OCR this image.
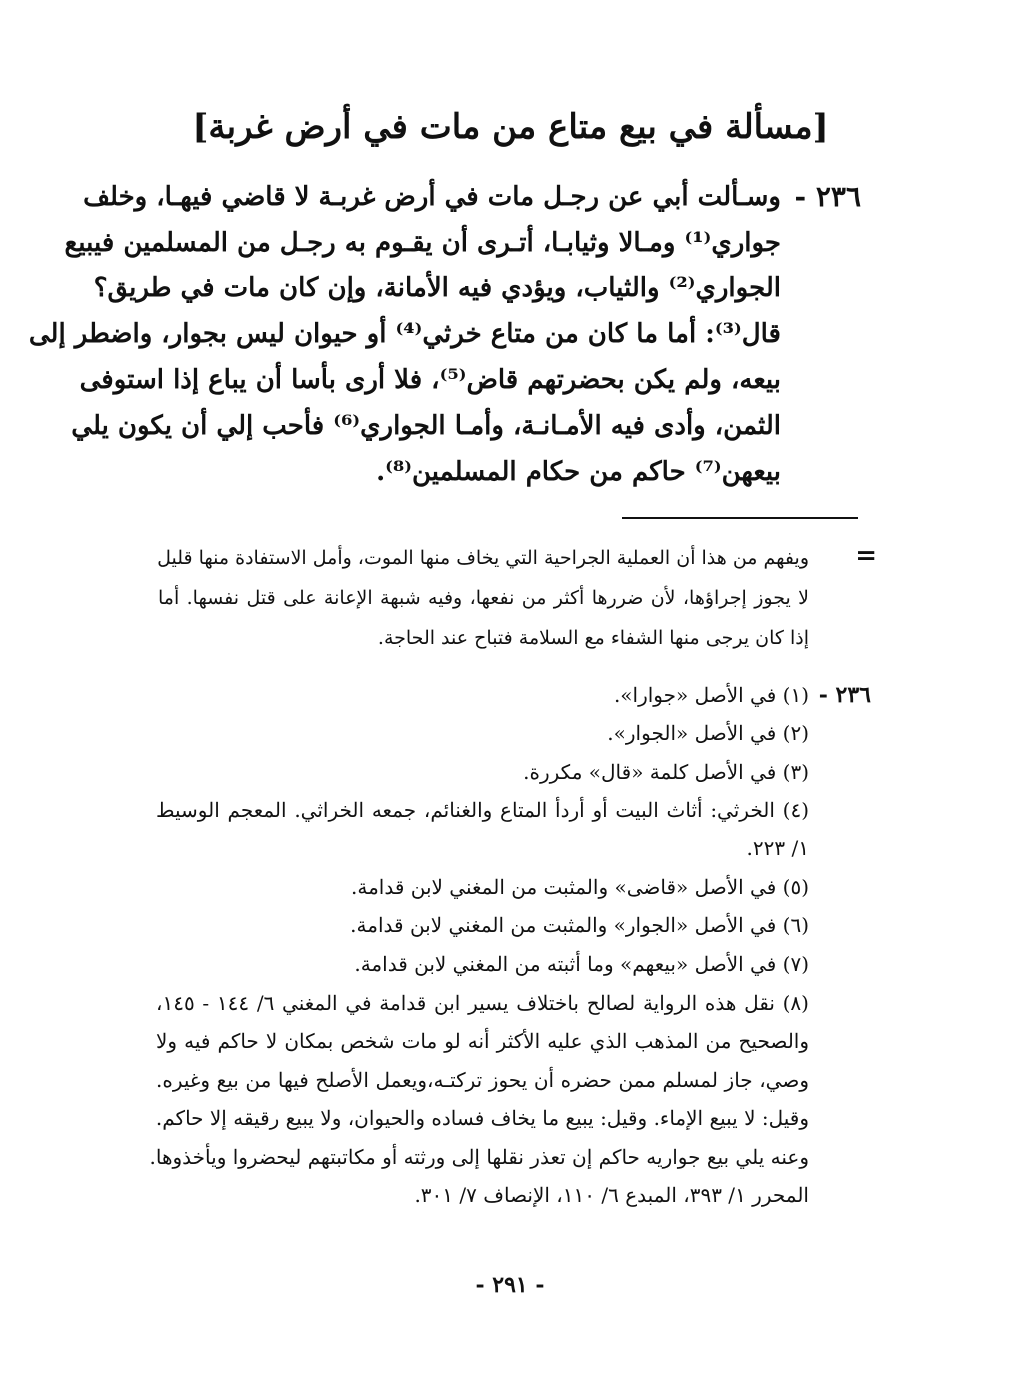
[مسألة في بيع متاع من مات في أرض غربة]
٢٣٦ -
وسـألت أبي عن رجـل مات في أرض غربـة لا قاضي فيهـا، وخلف
جواري⁽¹⁾ ومـالا وثيابـا، أتـرى أن يقـوم به رجـل من المسلمين فيبيع
الجواري⁽²⁾ والثياب، ويؤدي فيه الأمانة، وإن كان مات في طريق؟
قال⁽³⁾: أما ما كان من متاع خرثي⁽⁴⁾ أو حيوان ليس بجوار، واضطر إلى
بيعه، ولم يكن بحضرتهم قاض⁽⁵⁾، فلا أرى بأسا أن يباع إذا استوفى
الثمن، وأدى فيه الأمـانـة، وأمـا الجواري⁽⁶⁾ فأحب إلي أن يكون يلي
بيعهن⁽⁷⁾ حاكم من حكام المسلمين⁽⁸⁾.
=
ويفهم من هذا أن العملية الجراحية التي يخاف منها الموت، وأمل الاستفادة منها قليل
لا يجوز إجراؤها، لأن ضررها أكثر من نفعها، وفيه شبهة الإعانة على قتل نفسها. أما
إذا كان يرجى منها الشفاء مع السلامة فتباح عند الحاجة.
٢٣٦ -
(١) في الأصل «جوارا».
(٢) في الأصل «الجوار».
(٣) في الأصل كلمة «قال» مكررة.
(٤) الخرثي: أثاث البيت أو أردأ المتاع والغنائم، جمعه الخراثي. المعجم الوسيط
١/ ٢٢٣.
(٥) في الأصل «قاضى» والمثبت من المغني لابن قدامة.
(٦) في الأصل «الجوار» والمثبت من المغني لابن قدامة.
(٧) في الأصل «بيعهم» وما أثبته من المغني لابن قدامة.
(٨) نقل هذه الرواية لصالح باختلاف يسير ابن قدامة في المغني ٦/ ١٤٤ - ١٤٥،
والصحيح من المذهب الذي عليه الأكثر أنه لو مات شخص بمكان لا حاكم فيه ولا
وصي، جاز لمسلم ممن حضره أن يحوز تركتـه،ويعمل الأصلح فيها من بيع وغيره.
وقيل: لا يبيع الإماء. وقيل: يبيع ما يخاف فساده والحيوان، ولا يبيع رقيقه إلا حاكم.
وعنه يلي بيع جواريه حاكم إن تعذر نقلها إلى ورثته أو مكاتبتهم ليحضروا ويأخذوها.
المحرر ١/ ٣٩٣، المبدع ٦/ ١١٠، الإنصاف ٧/ ٣٠١.
- ٢٩١ -
